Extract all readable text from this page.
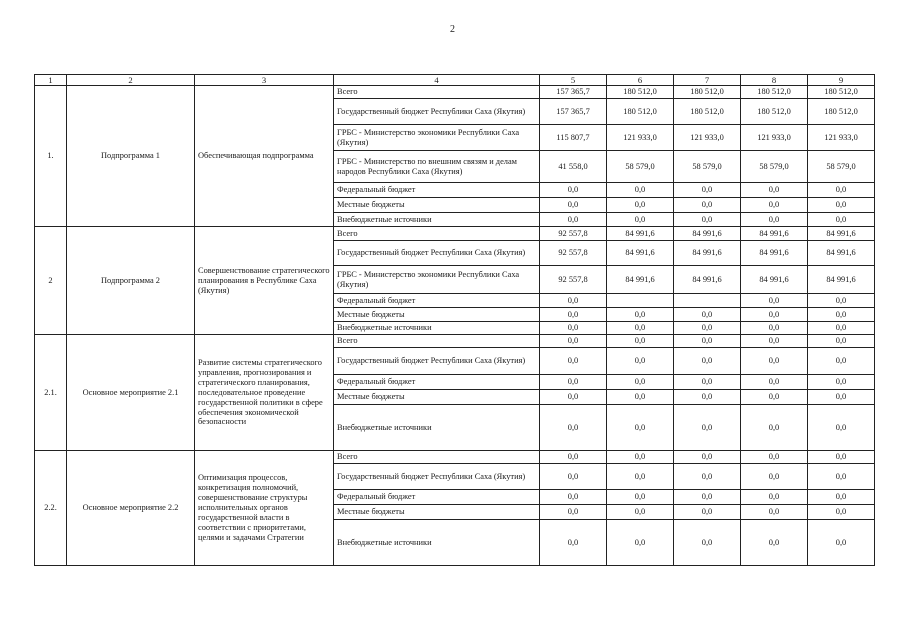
2
1	2	3	4	5	6	7	8	9
1.	Подпрограмма 1	Обеспечивающая подпрограмма	Всего	157 365,7	180 512,0	180 512,0	180 512,0	180 512,0
			Государственный бюджет Республики Саха (Якутия)	157 365,7	180 512,0	180 512,0	180 512,0	180 512,0
			ГРБС - Министерство экономики Республики Саха (Якутия)	115 807,7	121 933,0	121 933,0	121 933,0	121 933,0
			ГРБС - Министерство по внешним связям и делам народов Республики Саха (Якутия)	41 558,0	58 579,0	58 579,0	58 579,0	58 579,0
			Федеральный бюджет	0,0	0,0	0,0	0,0	0,0
			Местные бюджеты	0,0	0,0	0,0	0,0	0,0
			Внебюджетные источники	0,0	0,0	0,0	0,0	0,0
2	Подпрограмма 2	Совершенствование стратегического планирования в Республике Саха (Якутия)	Всего	92 557,8	84 991,6	84 991,6	84 991,6	84 991,6
			Государственный бюджет Республики Саха (Якутия)	92 557,8	84 991,6	84 991,6	84 991,6	84 991,6
			ГРБС - Министерство экономики Республики Саха (Якутия)	92 557,8	84 991,6	84 991,6	84 991,6	84 991,6
			Федеральный бюджет	0,0			0,0	0,0
			Местные бюджеты	0,0	0,0	0,0	0,0	0,0
			Внебюджетные источники	0,0	0,0	0,0	0,0	0,0
2.1.	Основное мероприятие 2.1	Развитие системы стратегического управления, прогнозирования и стратегического планирования, последовательное проведение государственной политики в сфере обеспечения экономической безопасности	Всего	0,0	0,0	0,0	0,0	0,0
			Государственный бюджет Республики Саха (Якутия)	0,0	0,0	0,0	0,0	0,0
			Федеральный бюджет	0,0	0,0	0,0	0,0	0,0
			Местные бюджеты	0,0	0,0	0,0	0,0	0,0
			Внебюджетные источники	0,0	0,0	0,0	0,0	0,0
2.2.	Основное мероприятие 2.2	Оптимизация процессов, конкретизация полномочий, совершенствование структуры исполнительных органов государственной власти в соответствии с приоритетами, целями и задачами Стратегии	Всего	0,0	0,0	0,0	0,0	0,0
			Государственный бюджет Республики Саха (Якутия)	0,0	0,0	0,0	0,0	0,0
			Федеральный бюджет	0,0	0,0	0,0	0,0	0,0
			Местные бюджеты	0,0	0,0	0,0	0,0	0,0
			Внебюджетные источники	0,0	0,0	0,0	0,0	0,0
